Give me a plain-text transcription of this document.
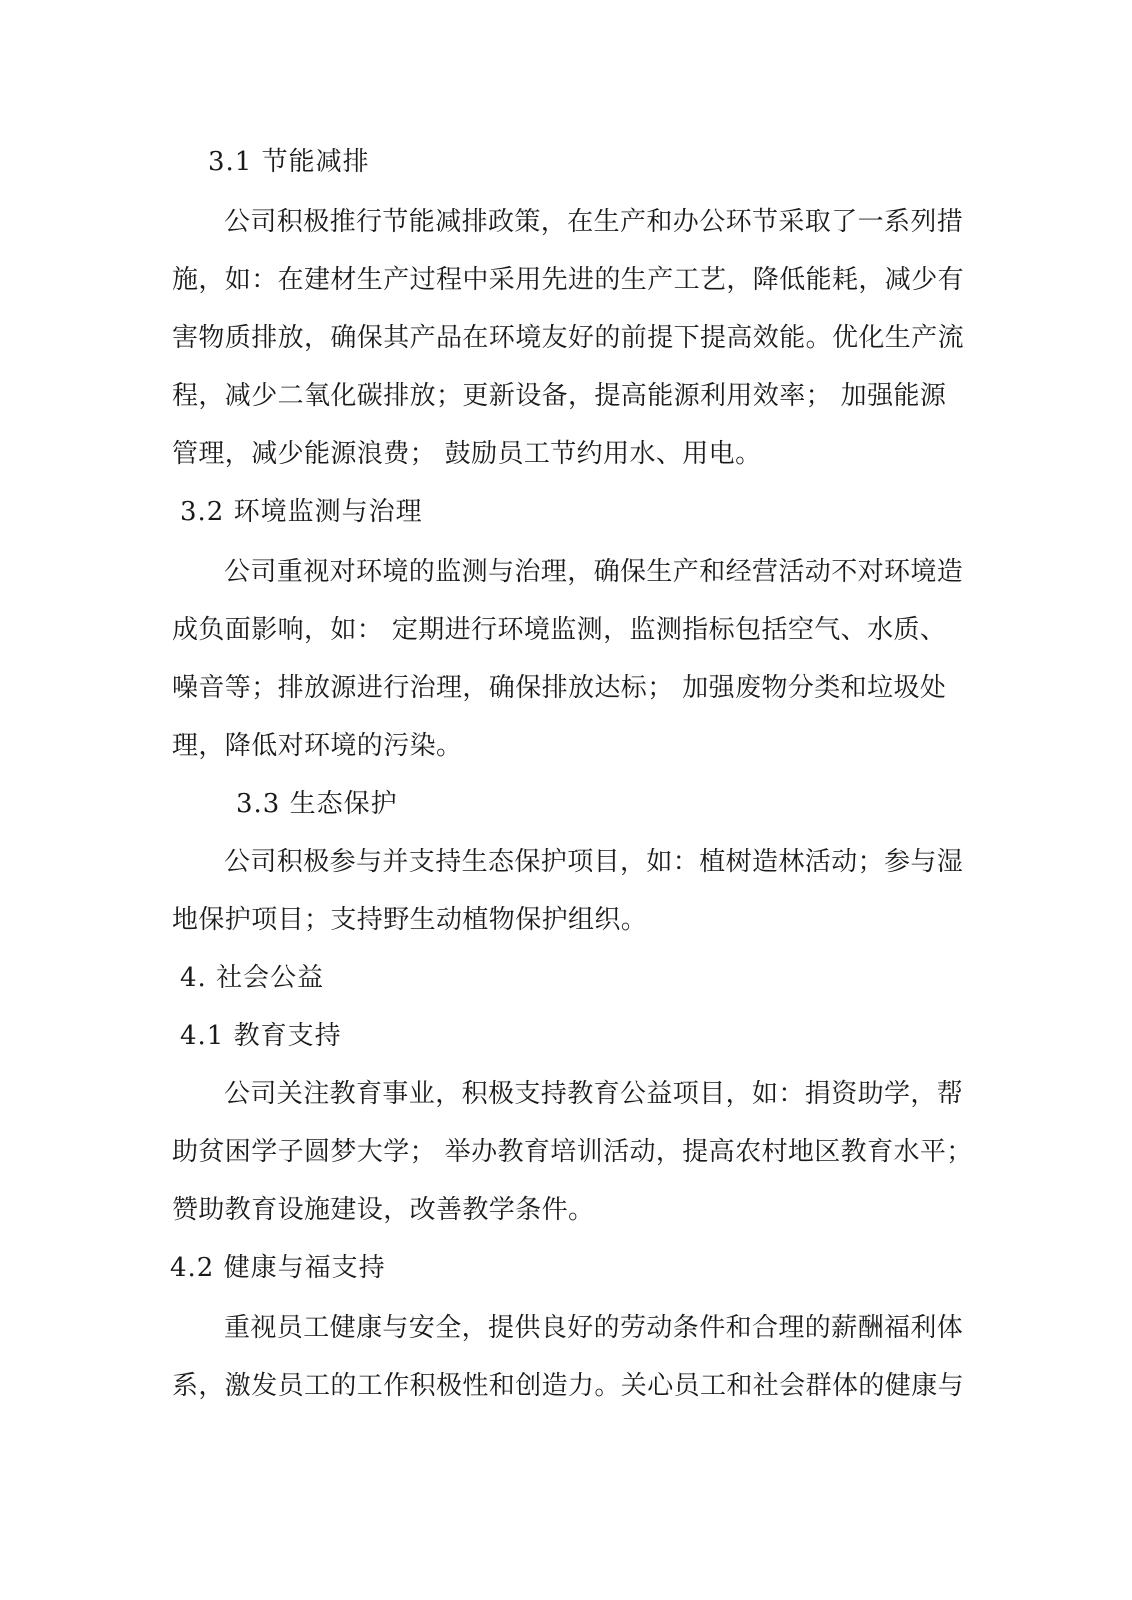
3.1 节能减排
公司积极推行节能减排政策，在生产和办公环节采取了一系列措
施，如：在建材生产过程中采用先进的生产工艺，降低能耗，减少有
害物质排放，确保其产品在环境友好的前提下提高效能。优化生产流
程，减少二氧化碳排放；更新设备，提高能源利用效率； 加强能源
管理，减少能源浪费； 鼓励员工节约用水、用电。
3.2 环境监测与治理
公司重视对环境的监测与治理，确保生产和经营活动不对环境造
成负面影响，如： 定期进行环境监测，监测指标包括空气、水质、
噪音等；排放源进行治理，确保排放达标； 加强废物分类和垃圾处
理，降低对环境的污染。
3.3 生态保护
公司积极参与并支持生态保护项目，如：植树造林活动；参与湿
地保护项目；支持野生动植物保护组织。
4. 社会公益
4.1 教育支持
公司关注教育事业，积极支持教育公益项目，如：捐资助学，帮
助贫困学子圆梦大学； 举办教育培训活动，提高农村地区教育水平；
赞助教育设施建设，改善教学条件。
4.2 健康与福支持
重视员工健康与安全，提供良好的劳动条件和合理的薪酬福利体
系，激发员工的工作积极性和创造力。关心员工和社会群体的健康与
